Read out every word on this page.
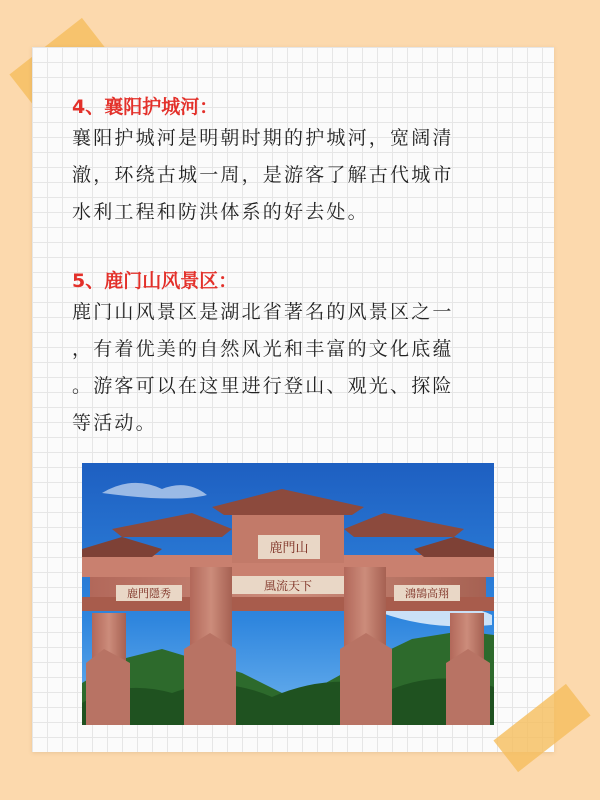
4、襄阳护城河：
襄阳护城河是明朝时期的护城河，宽阔清
澈，环绕古城一周，是游客了解古代城市
水利工程和防洪体系的好去处。
5、鹿门山风景区：
鹿门山风景区是湖北省著名的风景区之一
，有着优美的自然风光和丰富的文化底蕴
。游客可以在这里进行登山、观光、探险
等活动。
鹿門山
風流天下
鹿門隱秀	鴻鵠高翔
